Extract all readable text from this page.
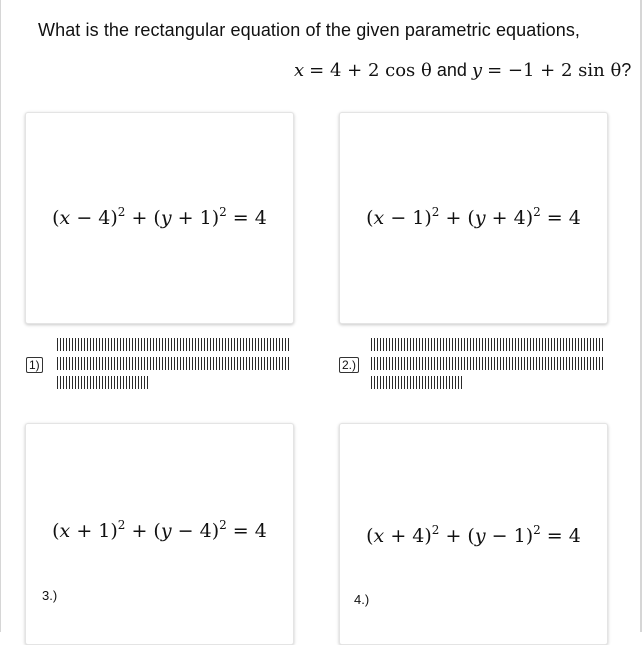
What is the rectangular equation of the given parametric equations,
x = 4 + 2 cos θ and y = −1 + 2 sin θ?
$(x - 4)^2 + (y + 1)^2 = 4$
1)
$(x - 1)^2 + (y + 4)^2 = 4$
2.)
$(x + 1)^2 + (y - 4)^2 = 4$
3.)
$(x + 4)^2 + (y - 1)^2 = 4$
4.)
